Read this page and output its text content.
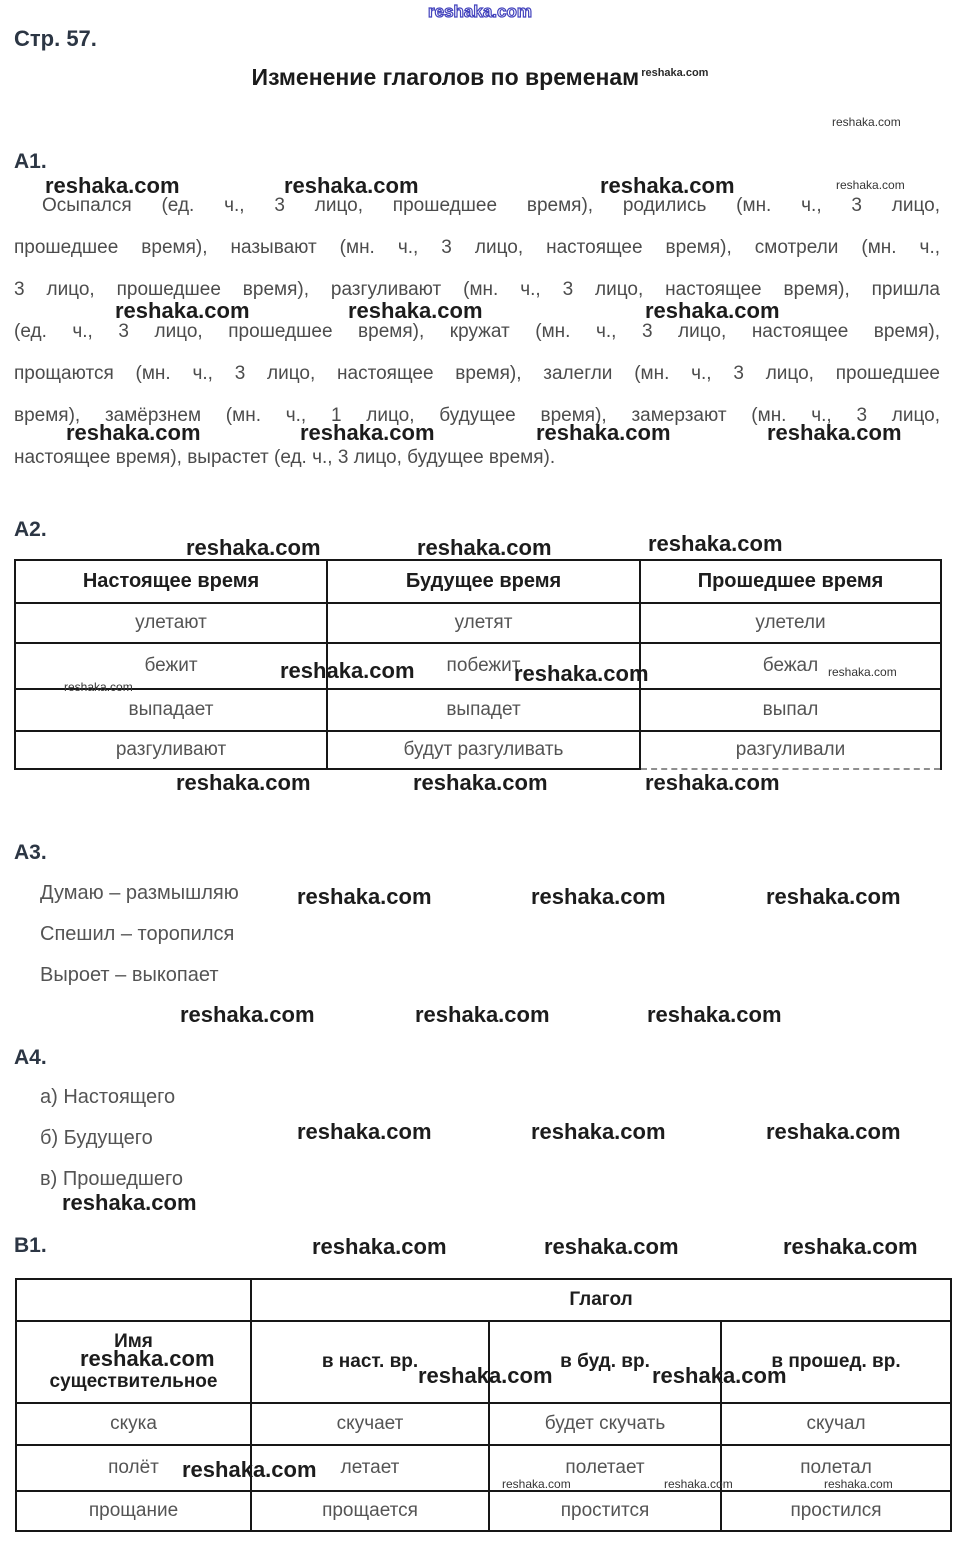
reshaka.com
Стр. 57.
Изменение глаголов по временам $^{reshaka.com}$
reshaka.com
А1.
reshaka.com	reshaka.com	reshaka.com	reshaka.com
Осыпался (ед. ч., 3 лицо, прошедшее время), родились (мн. ч., 3 лицо,
прошедшее время), называют (мн. ч., 3 лицо, настоящее время), смотрели (мн. ч.,
3 лицо, прошедшее время), разгуливают (мн. ч., 3 лицо, настоящее время), пришла
(ед. ч., 3 лицо, прошедшее время), кружат (мн. ч., 3 лицо, настоящее время),
прощаются (мн. ч., 3 лицо, настоящее время), залегли (мн. ч., 3 лицо, прошедшее
время), замёрзнем (мн. ч., 1 лицо, будущее время), замерзают (мн. ч., 3 лицо,
настоящее время), вырастет (ед. ч., 3 лицо, будущее время).
reshaka.com	reshaka.com	reshaka.com
reshaka.com	reshaka.com	reshaka.com	reshaka.com
А2.
reshaka.com	reshaka.com	reshaka.com
Настоящее время	Будущее время	Прошедшее время
улетают	улетят	улетели
бежит	побежит	бежал
выпадает	выпадет	выпал
разгуливают	будут разгуливать	разгуливали
reshaka.com
reshaka.com	reshaka.com	reshaka.com
reshaka.com	reshaka.com	reshaka.com
А3.
Думаю – размышляю
Спешил – торопился
Выроет – выкопает
reshaka.com	reshaka.com	reshaka.com
reshaka.com	reshaka.com	reshaka.com
А4.
а) Настоящего
б) Будущего
в) Прошедшего
reshaka.com	reshaka.com	reshaka.com
reshaka.com
В1.	reshaka.com	reshaka.com	reshaka.com
	Глагол		

Имя существительное	в наст. вр.	в буд. вр.	в прошед. вр.
скука	скучает	будет скучать	скучал
полёт	летает	полетает	полетал
прощание	прощается	простится	простился
reshaka.com
reshaka.com	reshaka.com
reshaka.com
reshaka.com	reshaka.com	reshaka.com
